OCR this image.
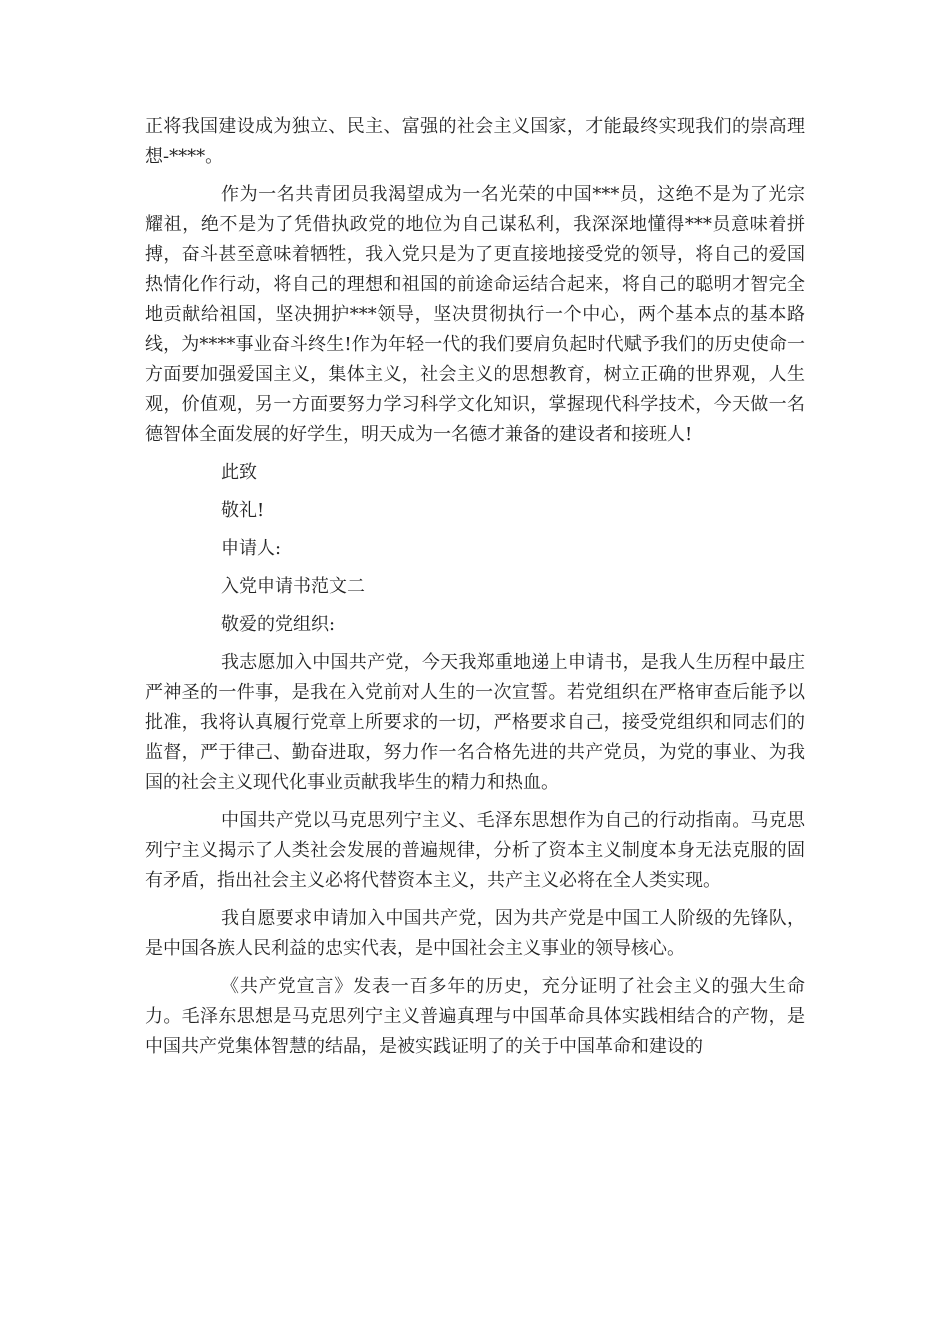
正将我国建设成为独立、民主、富强的社会主义国家，才能最终实现我们的崇高理想-****。

作为一名共青团员我渴望成为一名光荣的中国***员，这绝不是为了光宗耀祖，绝不是为了凭借执政党的地位为自己谋私利，我深深地懂得***员意味着拼搏，奋斗甚至意味着牺牲，我入党只是为了更直接地接受党的领导，将自己的爱国热情化作行动，将自己的理想和祖国的前途命运结合起来，将自己的聪明才智完全地贡献给祖国，坚决拥护***领导，坚决贯彻执行一个中心，两个基本点的基本路线，为****事业奋斗终生!作为年轻一代的我们要肩负起时代赋予我们的历史使命一方面要加强爱国主义，集体主义，社会主义的思想教育，树立正确的世界观，人生观，价值观，另一方面要努力学习科学文化知识，掌握现代科学技术，今天做一名德智体全面发展的好学生，明天成为一名德才兼备的建设者和接班人!

此致

敬礼!

申请人:

入党申请书范文二

敬爱的党组织:

我志愿加入中国共产党，今天我郑重地递上申请书，是我人生历程中最庄严神圣的一件事，是我在入党前对人生的一次宣誓。若党组织在严格审查后能予以批准，我将认真履行党章上所要求的一切，严格要求自己，接受党组织和同志们的监督，严于律己、勤奋进取，努力作一名合格先进的共产党员，为党的事业、为我国的社会主义现代化事业贡献我毕生的精力和热血。

中国共产党以马克思列宁主义、毛泽东思想作为自己的行动指南。马克思列宁主义揭示了人类社会发展的普遍规律，分析了资本主义制度本身无法克服的固有矛盾，指出社会主义必将代替资本主义，共产主义必将在全人类实现。

我自愿要求申请加入中国共产党，因为共产党是中国工人阶级的先锋队，是中国各族人民利益的忠实代表，是中国社会主义事业的领导核心。

《共产党宣言》发表一百多年的历史，充分证明了社会主义的强大生命力。毛泽东思想是马克思列宁主义普遍真理与中国革命具体实践相结合的产物，是中国共产党集体智慧的结晶，是被实践证明了的关于中国革命和建设的
